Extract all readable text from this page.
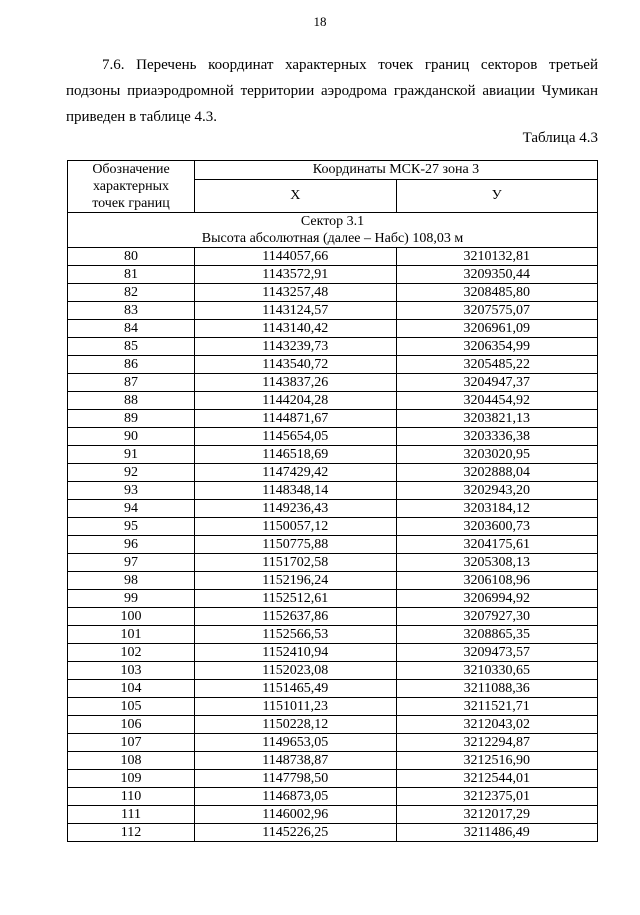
18
7.6. Перечень координат характерных точек границ секторов третьей
подзоны приаэродромной территории аэродрома гражданской авиации Чумикан
приведен в таблице 4.3.
Таблица 4.3
Обозначение
характерных
точек границ	Координаты МСК-27 зона 3	
	X	У

Сектор 3.1
Высота абсолютная (далее – Набс) 108,03 м		

80	1144057,66	3210132,81
81	1143572,91	3209350,44
82	1143257,48	3208485,80
83	1143124,57	3207575,07
84	1143140,42	3206961,09
85	1143239,73	3206354,99
86	1143540,72	3205485,22
87	1143837,26	3204947,37
88	1144204,28	3204454,92
89	1144871,67	3203821,13
90	1145654,05	3203336,38
91	1146518,69	3203020,95
92	1147429,42	3202888,04
93	1148348,14	3202943,20
94	1149236,43	3203184,12
95	1150057,12	3203600,73
96	1150775,88	3204175,61
97	1151702,58	3205308,13
98	1152196,24	3206108,96
99	1152512,61	3206994,92
100	1152637,86	3207927,30
101	1152566,53	3208865,35
102	1152410,94	3209473,57
103	1152023,08	3210330,65
104	1151465,49	3211088,36
105	1151011,23	3211521,71
106	1150228,12	3212043,02
107	1149653,05	3212294,87
108	1148738,87	3212516,90
109	1147798,50	3212544,01
110	1146873,05	3212375,01
111	1146002,96	3212017,29
112	1145226,25	3211486,49
